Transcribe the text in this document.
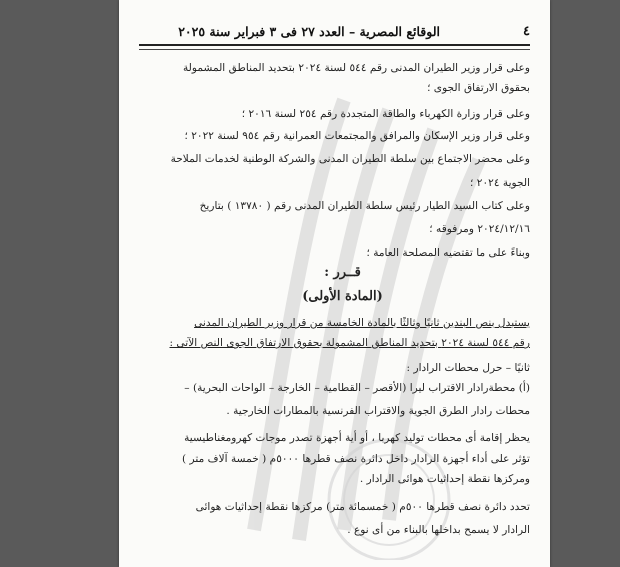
٤
الوقائع المصرية – العدد ٢٧ فى ٣ فبراير سنة ٢٠٢٥
وعلى قرار وزير الطيران المدنى رقم ٥٤٤ لسنة ٢٠٢٤ بتحديد المناطق المشمولة
بحقوق الارتفاق الجوى ؛
وعلى قرار وزارة الكهرباء والطاقة المتجددة رقم ٢٥٤ لسنة ٢٠١٦ ؛
وعلى قرار وزير الإسكان والمرافق والمجتمعات العمرانية رقم ٩٥٤ لسنة ٢٠٢٢ ؛
وعلى محضر الاجتماع بين سلطة الطيران المدنى والشركة الوطنية لخدمات الملاحة
الجوية ٢٠٢٤ ؛
وعلى كتاب السيد الطيار رئيس سلطة الطيران المدنى رقم ( ١٣٧٨٠ ) بتاريخ
٢٠٢٤/١٢/١٦ ومرفوقه ؛
وبناءً على ما تقتضيه المصلحة العامة ؛
قــرر :
(المادة الأولى)
يستبدل بنص البندين ثانيًا وثالثًا بالمادة الخامسة من قرار وزير الطيران المدنى
رقم ٥٤٤ لسنة ٢٠٢٤ بتحديد المناطق المشمولة بحقوق الارتفاق الجوى النص الآتى :
ثانيًا – حرل محطات الرادار :
(أ) محطةرادار الاقتراب ليرا (الأقصر – القطامية – الخارجة – الواحات البحرية) –
محطات رادار الطرق الجوية والاقتراب الفرنسية بالمطارات الخارجية .
يحظر إقامة أى محطات توليد كهربا ، أو أية أجهزة تصدر موجات كهرومغناطيسية
تؤثر على أداء أجهزة الرادار داخل دائرة نصف قطرها ٥٠٠٠م ( خمسة آلاف متر )
ومركزها نقطة إحداثيات هوائى الرادار .
تحدد دائرة نصف قطرها ٥٠٠م ( خمسمائة متر) مركزها نقطة إحداثيات هوائى
الرادار لا يسمح بداخلها بالبناء من أى نوع .
